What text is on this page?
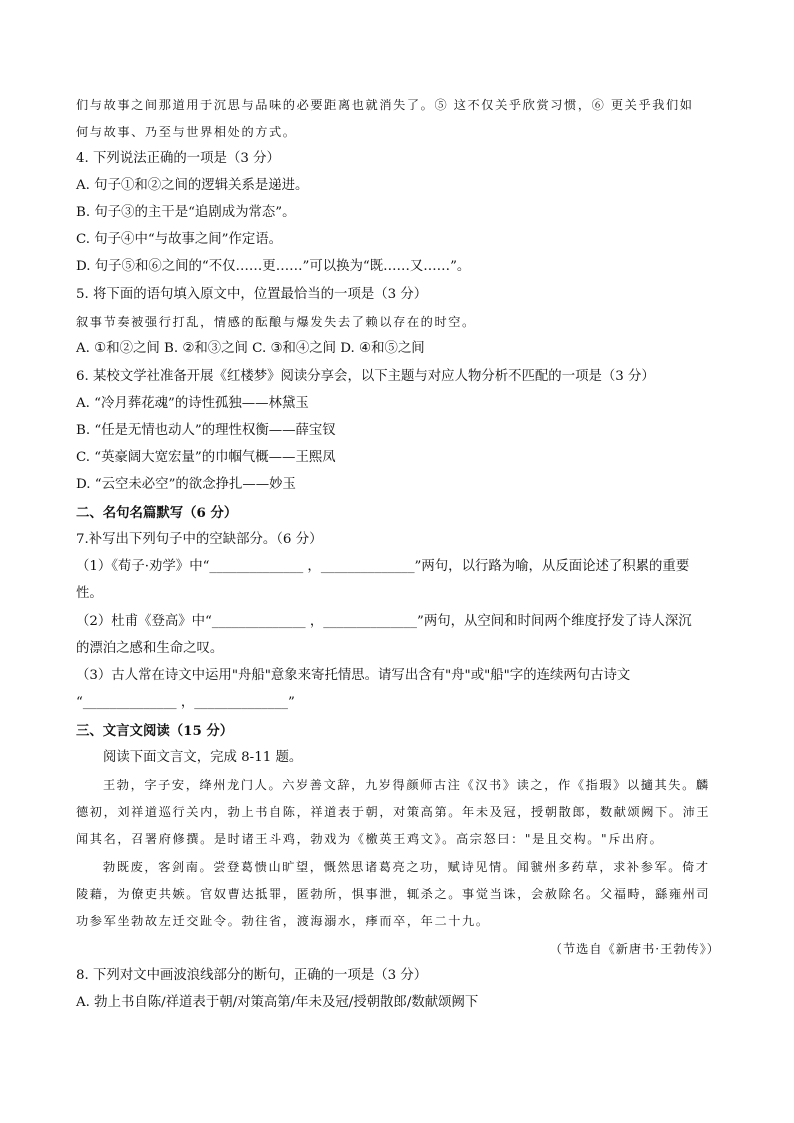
们与故事之间那道用于沉思与品味的必要距离也就消失了。⑤ 这不仅关乎欣赏习惯，⑥ 更关乎我们如
何与故事、乃至与世界相处的方式。
4. 下列说法正确的一项是（3 分）
A. 句子①和②之间的逻辑关系是递进。
B. 句子③的主干是“追剧成为常态”。
C. 句子④中“与故事之间”作定语。
D. 句子⑤和⑥之间的“不仅……更……”可以换为“既……又……”。
5. 将下面的语句填入原文中，位置最恰当的一项是（3 分）
叙事节奏被强行打乱，情感的酝酿与爆发失去了赖以存在的时空。
A. ①和②之间 B. ②和③之间 C. ③和④之间 D. ④和⑤之间
6. 某校文学社准备开展《红楼梦》阅读分享会，以下主题与对应人物分析不匹配的一项是（3 分）
A. “冷月葬花魂”的诗性孤独——林黛玉
B. “任是无情也动人”的理性权衡——薛宝钗
C. “英豪阔大宽宏量”的巾帼气概——王熙凤
D. “云空未必空”的欲念挣扎——妙玉
二、名句名篇默写（6 分）
7.补写出下列句子中的空缺部分。（6 分）
（1）《荀子·劝学》中“______________ ，______________”两句，以行路为喻，从反面论述了积累的重要
性。
（2）杜甫《登高》中“______________ ，______________”两句，从空间和时间两个维度抒发了诗人深沉
的漂泊之感和生命之叹。
（3）古人常在诗文中运用"舟船"意象来寄托情思。请写出含有"舟"或"船"字的连续两句古诗文
“______________ ，______________”
三、文言文阅读（15 分）
阅读下面文言文，完成 8-11 题。
王勃，字子安，绛州龙门人。六岁善文辞，九岁得颜师古注《汉书》读之，作《指瑕》以擿其失。麟
德初，刘祥道巡行关内，勃上书自陈，祥道表于朝，对策高第。年未及冠，授朝散郎，数献颂阙下。沛王
闻其名，召署府修撰。是时诸王斗鸡，勃戏为《檄英王鸡文》。高宗怒曰："是且交构。"斥出府。
勃既废，客剑南。尝登葛愦山旷望，慨然思诸葛亮之功，赋诗见情。闻虢州多药草，求补参军。倚才
陵藉，为僚吏共嫉。官奴曹达抵罪，匿勃所，惧事泄，辄杀之。事觉当诛，会赦除名。父福畤，繇雍州司
功参军坐勃故左迁交趾令。勃往省，渡海溺水，痵而卒，年二十九。
（节选自《新唐书·王勃传》）
8. 下列对文中画波浪线部分的断句，正确的一项是（3 分）
A. 勃上书自陈/祥道表于朝/对策高第/年未及冠/授朝散郎/数献颂阙下
